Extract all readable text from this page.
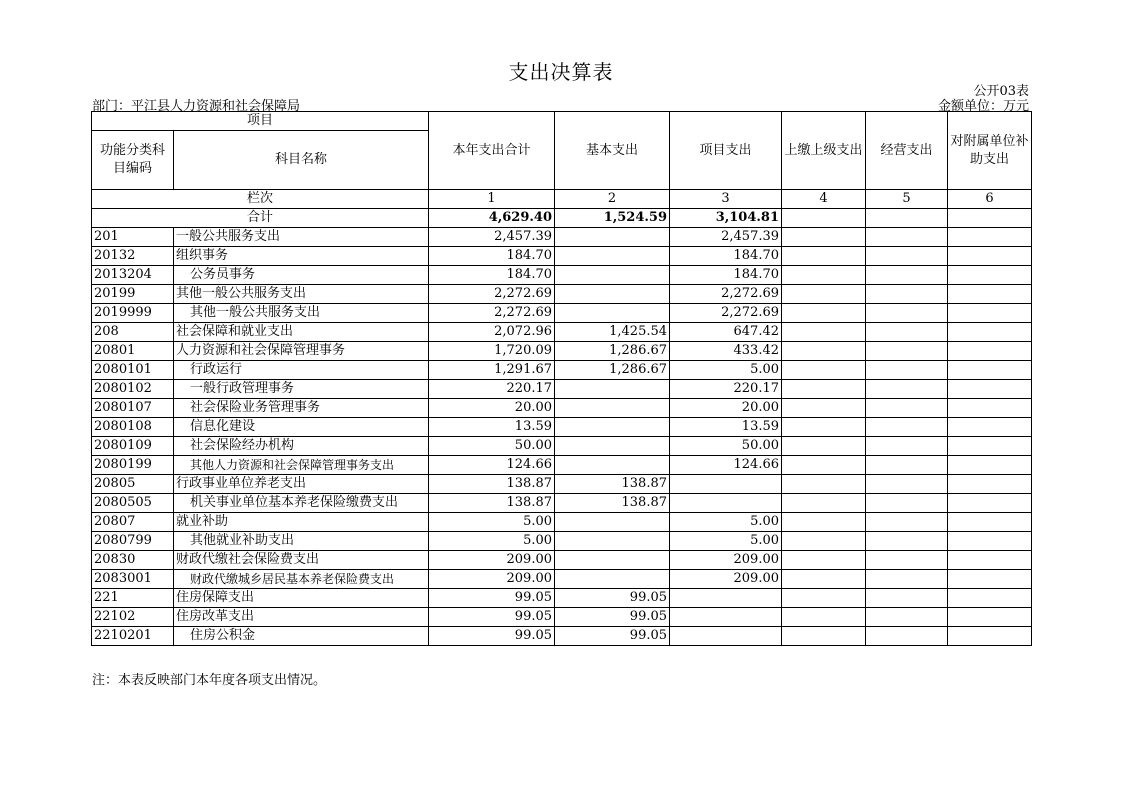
支出决算表
公开03表
部门：平江县人力资源和社会保障局	金额单位：万元
项目		本年支出合计	基本支出	项目支出	上缴上级支出	经营支出	对附属单位补助支出
功能分类科目编码	科目名称						
栏次		1	2	3	4	5	6
合计		4,629.40	1,524.59	3,104.81			
201	一般公共服务支出	2,457.39		2,457.39			
20132	组织事务	184.70		184.70			
2013204	公务员事务	184.70		184.70			
20199	其他一般公共服务支出	2,272.69		2,272.69			
2019999	其他一般公共服务支出	2,272.69		2,272.69			
208	社会保障和就业支出	2,072.96	1,425.54	647.42			
20801	人力资源和社会保障管理事务	1,720.09	1,286.67	433.42			
2080101	行政运行	1,291.67	1,286.67	5.00			
2080102	一般行政管理事务	220.17		220.17			
2080107	社会保险业务管理事务	20.00		20.00			
2080108	信息化建设	13.59		13.59			
2080109	社会保险经办机构	50.00		50.00			
2080199	其他人力资源和社会保障管理事务支出	124.66		124.66			
20805	行政事业单位养老支出	138.87	138.87				
2080505	机关事业单位基本养老保险缴费支出	138.87	138.87				
20807	就业补助	5.00		5.00			
2080799	其他就业补助支出	5.00		5.00			
20830	财政代缴社会保险费支出	209.00		209.00			
2083001	财政代缴城乡居民基本养老保险费支出	209.00		209.00			
221	住房保障支出	99.05	99.05				
22102	住房改革支出	99.05	99.05				
2210201	住房公积金	99.05	99.05				
注：本表反映部门本年度各项支出情况。
